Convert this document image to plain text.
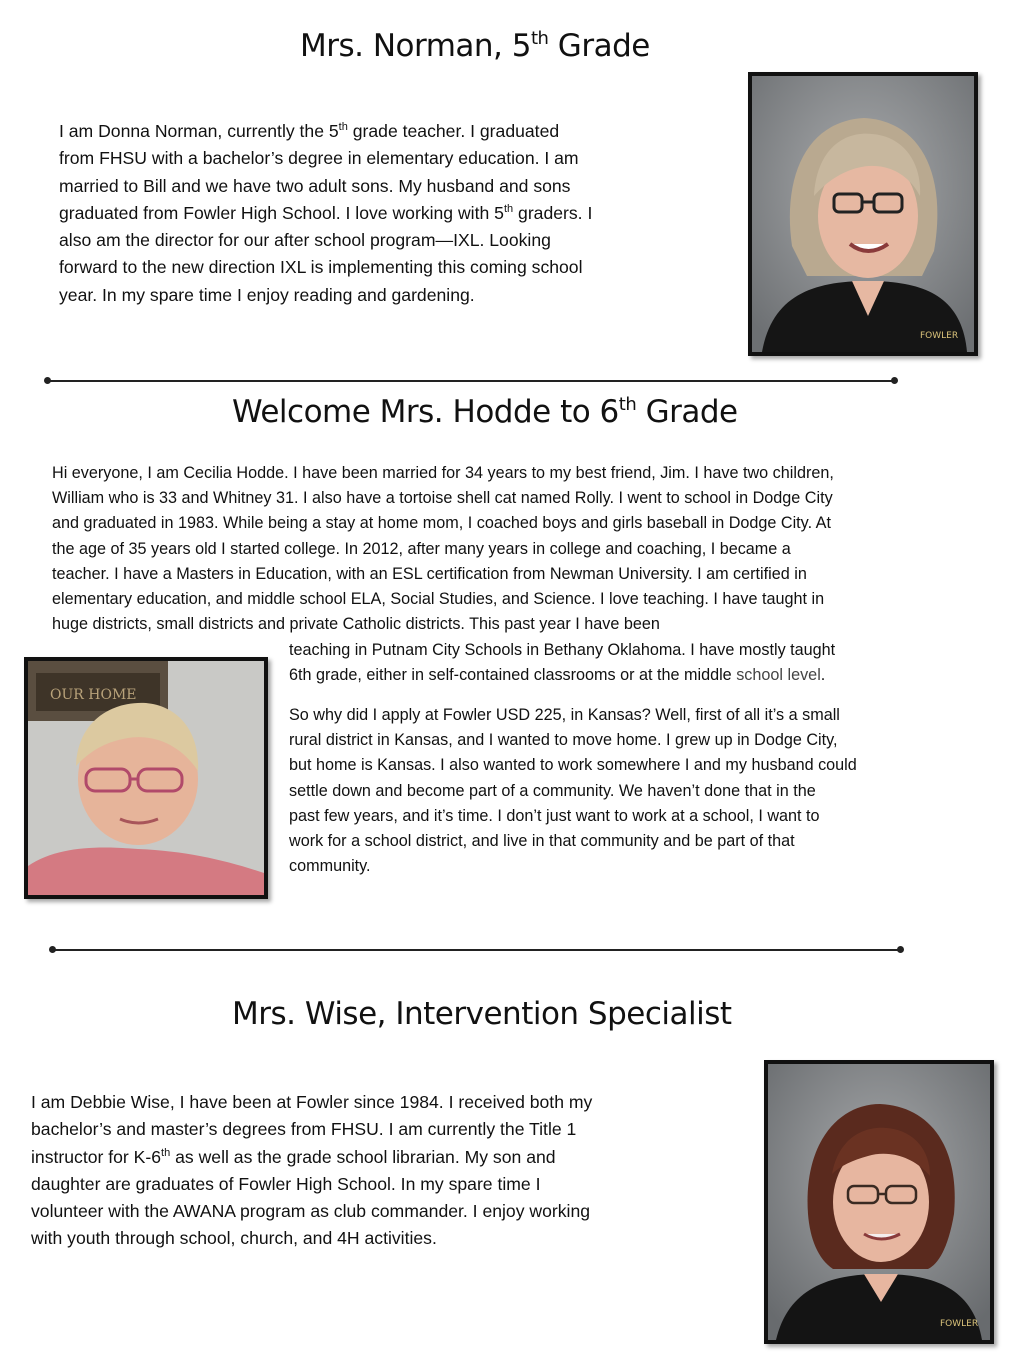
Mrs. Norman, 5th Grade
I am Donna Norman, currently the 5th grade teacher. I graduated
from FHSU with a bachelor’s degree in elementary education. I am
married to Bill and we have two adult sons. My husband and sons
graduated from Fowler High School. I love working with 5th graders. I
also am the director for our after school program—IXL. Looking
forward to the new direction IXL is implementing this coming school
year. In my spare time I enjoy reading and gardening.
FOWLER
Welcome Mrs. Hodde to 6th Grade
Hi everyone, I am Cecilia Hodde. I have been married for 34 years to my best friend, Jim. I have two children,
William who is 33 and Whitney 31. I also have a tortoise shell cat named Rolly. I went to school in Dodge City
and graduated in 1983. While being a stay at home mom, I coached boys and girls baseball in Dodge City. At
the age of 35 years old I started college. In 2012, after many years in college and coaching, I became a
teacher. I have a Masters in Education, with an ESL certification from Newman University. I am certified in
elementary education, and middle school ELA, Social Studies, and Science. I love teaching. I have taught in
huge districts, small districts and private Catholic districts. This past year I have been
teaching in Putnam City Schools in Bethany Oklahoma. I have mostly taught
6th grade, either in self-contained classrooms or at the middle school level.
So why did I apply at Fowler USD 225, in Kansas? Well, first of all it’s a small
rural district in Kansas, and I wanted to move home. I grew up in Dodge City,
but home is Kansas. I also wanted to work somewhere I and my husband could
settle down and become part of a community. We haven’t done that in the
past few years, and it’s time. I don’t just want to work at a school, I want to
work for a school district, and live in that community and be part of that
community.
OUR HOME
Mrs. Wise, Intervention Specialist
I am Debbie Wise, I have been at Fowler since 1984. I received both my
bachelor’s and master’s degrees from FHSU. I am currently the Title 1
instructor for K-6th as well as the grade school librarian. My son and
daughter are graduates of Fowler High School. In my spare time I
volunteer with the AWANA program as club commander. I enjoy working
with youth through school, church, and 4H activities.
FOWLER
